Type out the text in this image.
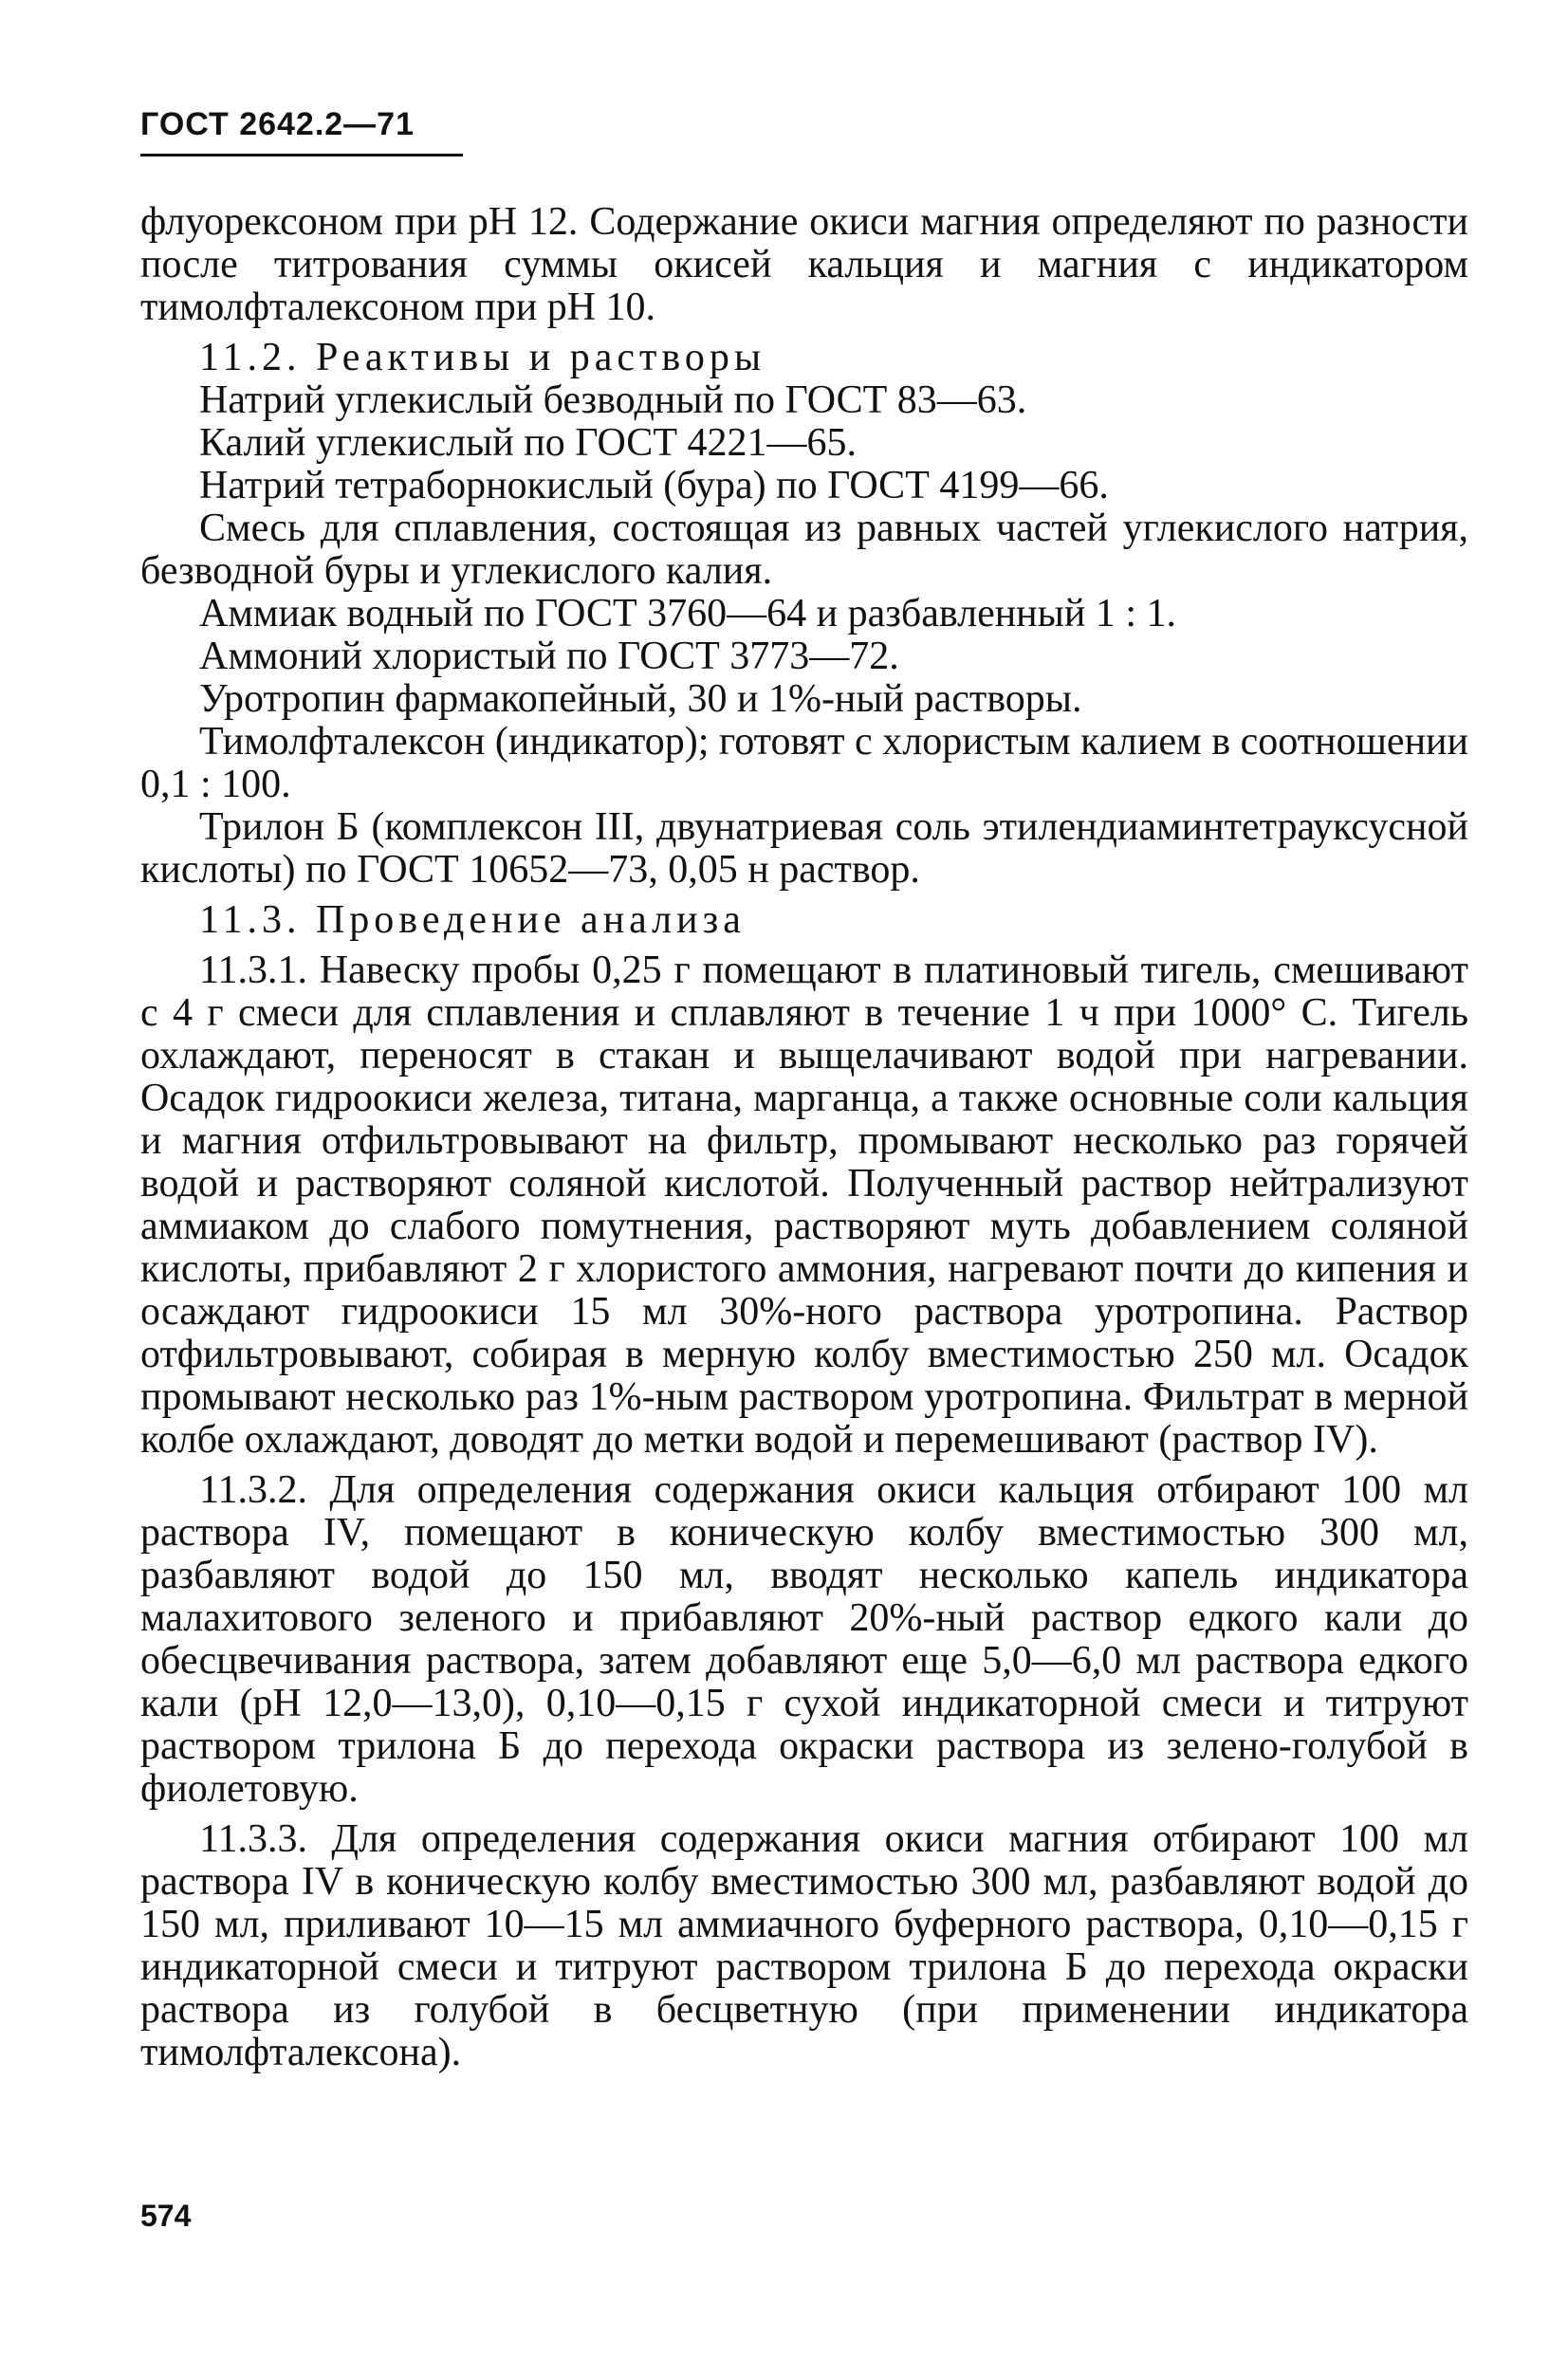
ГОСТ 2642.2—71

флуорексоном при pH 12. Содержание окиси магния определяют по разности после титрования суммы окисей кальция и магния с индикатором тимолфталексоном при pH 10.

11.2. Реактивы и растворы

Натрий углекислый безводный по ГОСТ 83—63.

Калий углекислый по ГОСТ 4221—65.

Натрий тетраборнокислый (бура) по ГОСТ 4199—66.

Смесь для сплавления, состоящая из равных частей углекислого натрия, безводной буры и углекислого калия.

Аммиак водный по ГОСТ 3760—64 и разбавленный 1 : 1.

Аммоний хлористый по ГОСТ 3773—72.

Уротропин фармакопейный, 30 и 1%-ный растворы.

Тимолфталексон (индикатор); готовят с хлористым калием в соотношении 0,1 : 100.

Трилон Б (комплексон III, двунатриевая соль этилендиаминтетрауксусной кислоты) по ГОСТ 10652—73, 0,05 н раствор.

11.3. Проведение анализа

11.3.1. Навеску пробы 0,25 г помещают в платиновый тигель, смешивают с 4 г смеси для сплавления и сплавляют в течение 1 ч при 1000° С. Тигель охлаждают, переносят в стакан и выщелачивают водой при нагревании. Осадок гидроокиси железа, титана, марганца, а также основные соли кальция и магния отфильтровывают на фильтр, промывают несколько раз горячей водой и растворяют соляной кислотой. Полученный раствор нейтрализуют аммиаком до слабого помутнения, растворяют муть добавлением соляной кислоты, прибавляют 2 г хлористого аммония, нагревают почти до кипения и осаждают гидроокиси 15 мл 30%-ного раствора уротропина. Раствор отфильтровывают, собирая в мерную колбу вместимостью 250 мл. Осадок промывают несколько раз 1%-ным раствором уротропина. Фильтрат в мерной колбе охлаждают, доводят до метки водой и перемешивают (раствор IV).

11.3.2. Для определения содержания окиси кальция отбирают 100 мл раствора IV, помещают в коническую колбу вместимостью 300 мл, разбавляют водой до 150 мл, вводят несколько капель индикатора малахитового зеленого и прибавляют 20%-ный раствор едкого кали до обесцвечивания раствора, затем добавляют еще 5,0—6,0 мл раствора едкого кали (pH 12,0—13,0), 0,10—0,15 г сухой индикаторной смеси и титруют раствором трилона Б до перехода окраски раствора из зелено-голубой в фиолетовую.

11.3.3. Для определения содержания окиси магния отбирают 100 мл раствора IV в коническую колбу вместимостью 300 мл, разбавляют водой до 150 мл, приливают 10—15 мл аммиачного буферного раствора, 0,10—0,15 г индикаторной смеси и титруют раствором трилона Б до перехода окраски раствора из голубой в бесцветную (при применении индикатора тимолфталексона).

574
